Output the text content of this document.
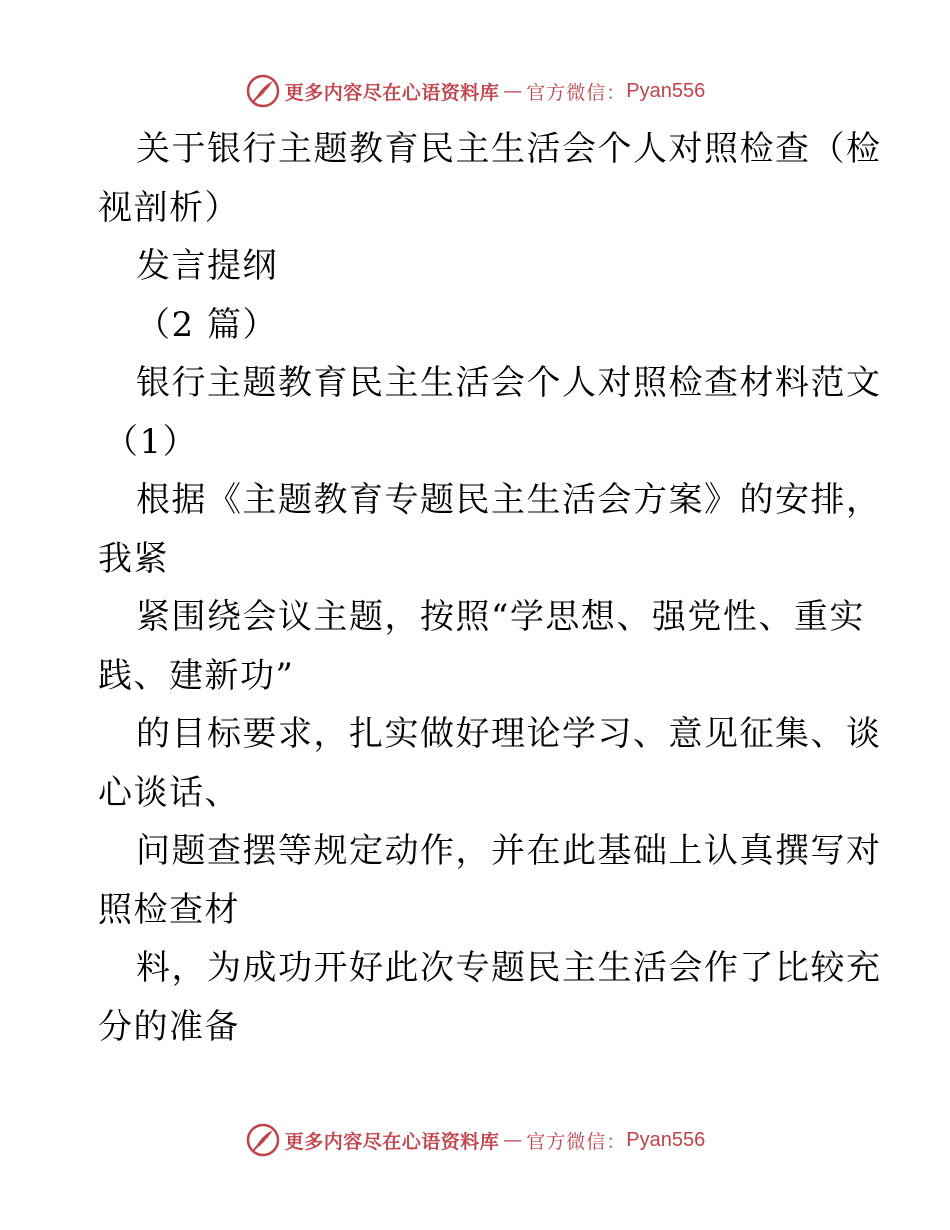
更多内容尽在心语资料库 — 官方微信： Pyan556
关于银行主题教育民主生活会个人对照检查（检
视剖析）
发言提纲
（2 篇）
银行主题教育民主生活会个人对照检查材料范文
（1）
根据《主题教育专题民主生活会方案》的安排，
我紧
紧围绕会议主题，按照“学思想、强党性、重实
践、建新功”
的目标要求，扎实做好理论学习、意见征集、谈
心谈话、
问题查摆等规定动作，并在此基础上认真撰写对
照检查材
料，为成功开好此次专题民主生活会作了比较充
分的准备
更多内容尽在心语资料库 — 官方微信： Pyan556
